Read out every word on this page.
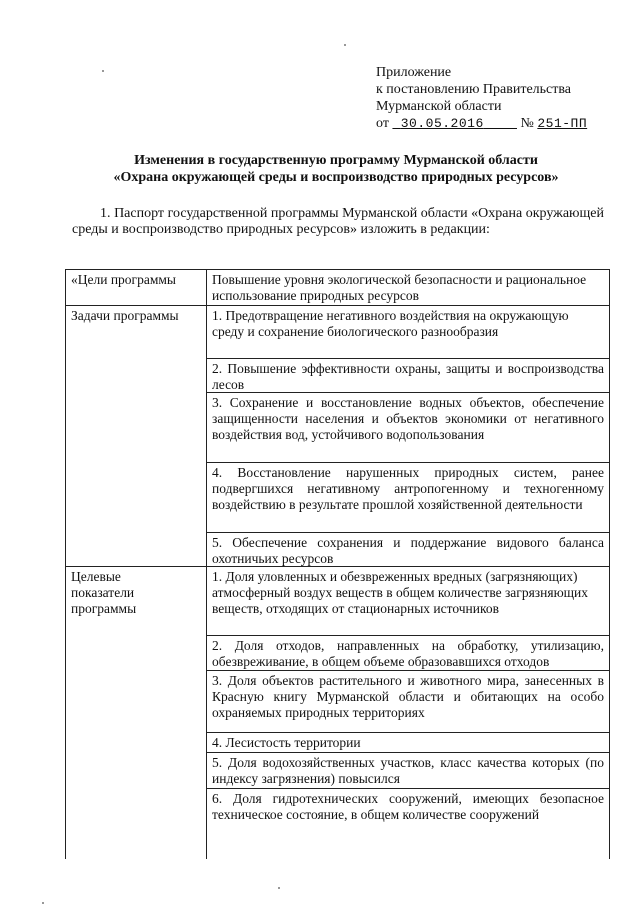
Приложение
к постановлению Правительства
Мурманской области
от 30.05.2016	№ 251-ПП
Изменения в государственную программу Мурманской области
«Охрана окружающей среды и воспроизводство природных ресурсов»
1. Паспорт государственной программы Мурманской области «Охрана окружающей среды и воспроизводство природных ресурсов» изложить в редакции:
«Цели программы
Задачи программы
Целевые
показатели
программы
Повышение уровня экологической безопасности и рациональное использование природных ресурсов
1. Предотвращение негативного воздействия на окружающую среду и сохранение биологического разнообразия
2. Повышение эффективности охраны, защиты и воспроизводства лесов
3. Сохранение и восстановление водных объектов, обеспечение защищенности населения и объектов экономики от негативного воздействия вод, устойчивого водопользования
4. Восстановление нарушенных природных систем, ранее подвергшихся негативному антропогенному и техногенному воздействию в результате прошлой хозяйственной деятельности
5. Обеспечение сохранения и поддержание видового баланса охотничьих ресурсов
1. Доля уловленных и обезвреженных вредных (загрязняющих) атмосферный воздух веществ в общем количестве загрязняющих веществ, отходящих от стационарных источников
2. Доля отходов, направленных на обработку, утилизацию, обезвреживание, в общем объеме образовавшихся отходов
3. Доля объектов растительного и животного мира, занесенных в Красную книгу Мурманской области и обитающих на особо охраняемых природных территориях
4. Лесистость территории
5. Доля водохозяйственных участков, класс качества которых (по индексу загрязнения) повысился
6. Доля гидротехнических сооружений, имеющих безопасное техническое состояние, в общем количестве сооружений
